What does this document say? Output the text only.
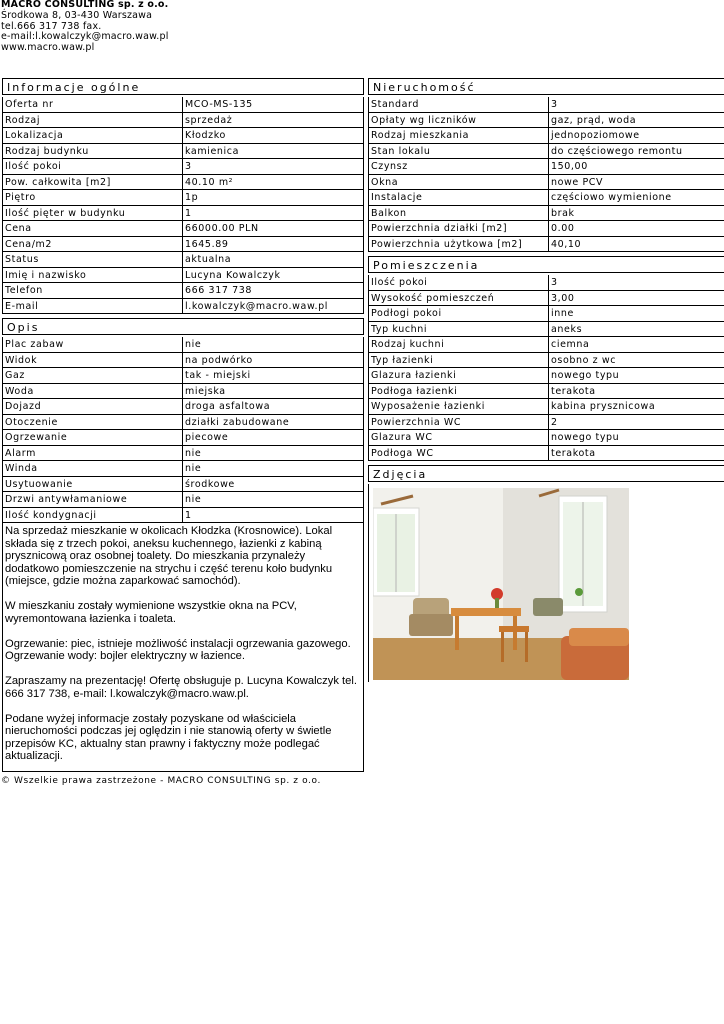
MACRO CONSULTING sp. z o.o.
Środkowa 8, 03-430 Warszawa
tel.666 317 738 fax.
e-mail:l.kowalczyk@macro.waw.pl
www.macro.waw.pl
Informacje ogólne
Oferta nr	MCO-MS-135
Rodzaj	sprzedaż
Lokalizacja	Kłodzko
Rodzaj budynku	kamienica
Ilość pokoi	3
Pow. całkowita [m2]	40.10 m²
Piętro	1p
Ilość pięter w budynku	1
Cena	66000.00 PLN
Cena/m2	1645.89
Status	aktualna
Imię i nazwisko	Lucyna Kowalczyk
Telefon	666 317 738
E-mail	l.kowalczyk@macro.waw.pl
Opis
Plac zabaw	nie
Widok	na podwórko
Gaz	tak - miejski
Woda	miejska
Dojazd	droga asfaltowa
Otoczenie	działki zabudowane
Ogrzewanie	piecowe
Alarm	nie
Winda	nie
Usytuowanie	środkowe
Drzwi antywłamaniowe	nie
Ilość kondygnacji	1

Na sprzedaż mieszkanie w okolicach Kłodzka (Krosnowice). Lokal składa się z trzech pokoi, aneksu kuchennego, łazienki z kabiną prysznicową oraz osobnej toalety. Do mieszkania przynależy dodatkowo pomieszczenie na strychu i część terenu koło budynku (miejsce, gdzie można zaparkować samochód).

W mieszkaniu zostały wymienione wszystkie okna na PCV, wyremontowana łazienka i toaleta.

Ogrzewanie: piec, istnieje możliwość instalacji ogrzewania gazowego. Ogrzewanie wody: bojler elektryczny w łazience.

Zapraszamy na prezentację! Ofertę obsługuje p. Lucyna Kowalczyk tel. 666 317 738, e-mail: l.kowalczyk@macro.waw.pl.

Podane wyżej informacje zostały pozyskane od właściciela nieruchomości podczas jej oględzin i nie stanowią oferty w świetle przepisów KC, aktualny stan prawny i faktyczny może podlegać aktualizacji.

Nieruchomość
Standard	3
Opłaty wg liczników	gaz, prąd, woda
Rodzaj mieszkania	jednopoziomowe
Stan lokalu	do częściowego remontu
Czynsz	150,00
Okna	nowe PCV
Instalacje	częściowo wymienione
Balkon	brak
Powierzchnia działki [m2]	0.00
Powierzchnia użytkowa [m2]	40,10
Pomieszczenia
Ilość pokoi	3
Wysokość pomieszczeń	3,00
Podłogi pokoi	inne
Typ kuchni	aneks
Rodzaj kuchni	ciemna
Typ łazienki	osobno z wc
Glazura łazienki	nowego typu
Podłoga łazienki	terakota
Wyposażenie łazienki	kabina prysznicowa
Powierzchnia WC	2
Glazura WC	nowego typu
Podłoga WC	terakota
Zdjęcia
© Wszelkie prawa zastrzeżone - MACRO CONSULTING sp. z o.o.
